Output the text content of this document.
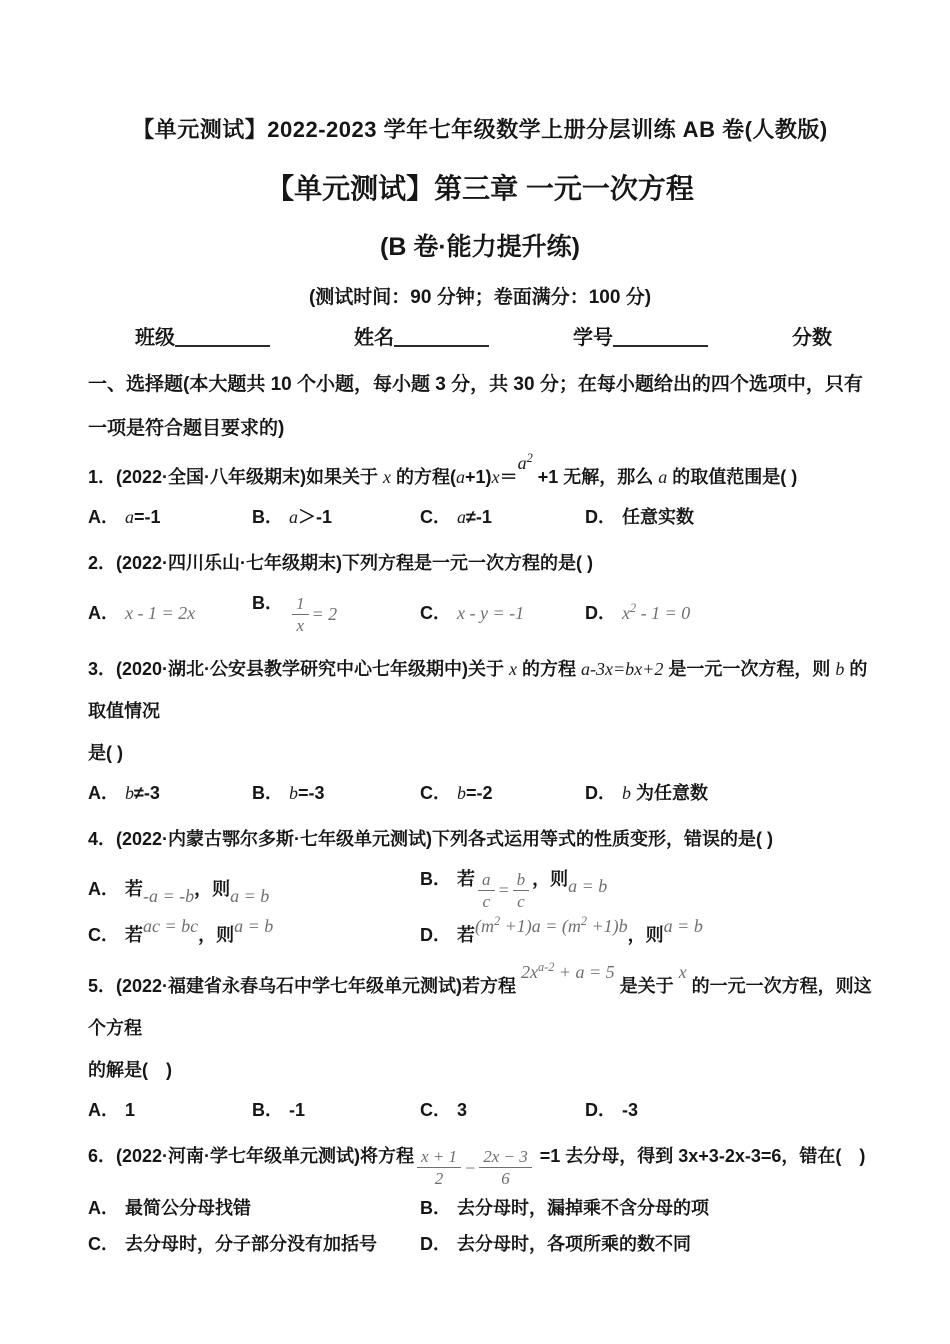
【单元测试】2022-2023 学年七年级数学上册分层训练 AB 卷(人教版)
【单元测试】第三章 一元一次方程
(B 卷·能力提升练)
(测试时间：90 分钟；卷面满分：100 分)
班级	姓名	学号	分数

一、选择题(本大题共 10 个小题，每小题 3 分，共 30 分；在每小题给出的四个选项中，只有一项是符合题目要求的)

1．(2022·全国·八年级期末)如果关于 x 的方程$(a+1)x=a^2 +1$ 无解，那么 a 的取值范围是( )

A． a=-1	B． a＞-1	C． a≠-1	D． 任意实数

2．(2022·四川乐山·七年级期末)下列方程是一元一次方程的是( )

A． x - 1 = 2x
B． $\frac{1}{x} = 2$	C． x - y = -1	D． $x^2 - 1 = 0$

3．(2020·湖北·公安县教学研究中心七年级期中)关于 x 的方程 a-3x=bx+2 是一元一次方程，则 b 的取值情况

是( )

A． b≠-3	B． b=-3	C． b=-2	D． b 为任意数

4．(2022·内蒙古鄂尔多斯·七年级单元测试)下列各式运用等式的性质变形，错误的是( )

A． 若-a = -b，则a = b
B． 若 $\frac{a}{c} = \frac{b}{c}$ ，则a = b
C． 若ac = bc，则a = b	D． 若$(m^2 +1)a = (m^2 +1)b$，则a = b

5．(2022·福建省永春乌石中学七年级单元测试)若方程 $2x^{a-2} + a = 5$ 是关于 x 的一元一次方程，则这个方程

的解是(　)

A． 1	B． -1	C． 3	D． -3

6．(2022·河南·学七年级单元测试)将方程 $\frac{x + 1}{2} - \frac{2x - 3}{6} =1$ 去分母，得到 3x+3-2x-3=6，错在(　)

A． 最简公分母找错	B． 去分母时，漏掉乘不含分母的项
C． 去分母时，分子部分没有加括号	D． 去分母时，各项所乘的数不同
